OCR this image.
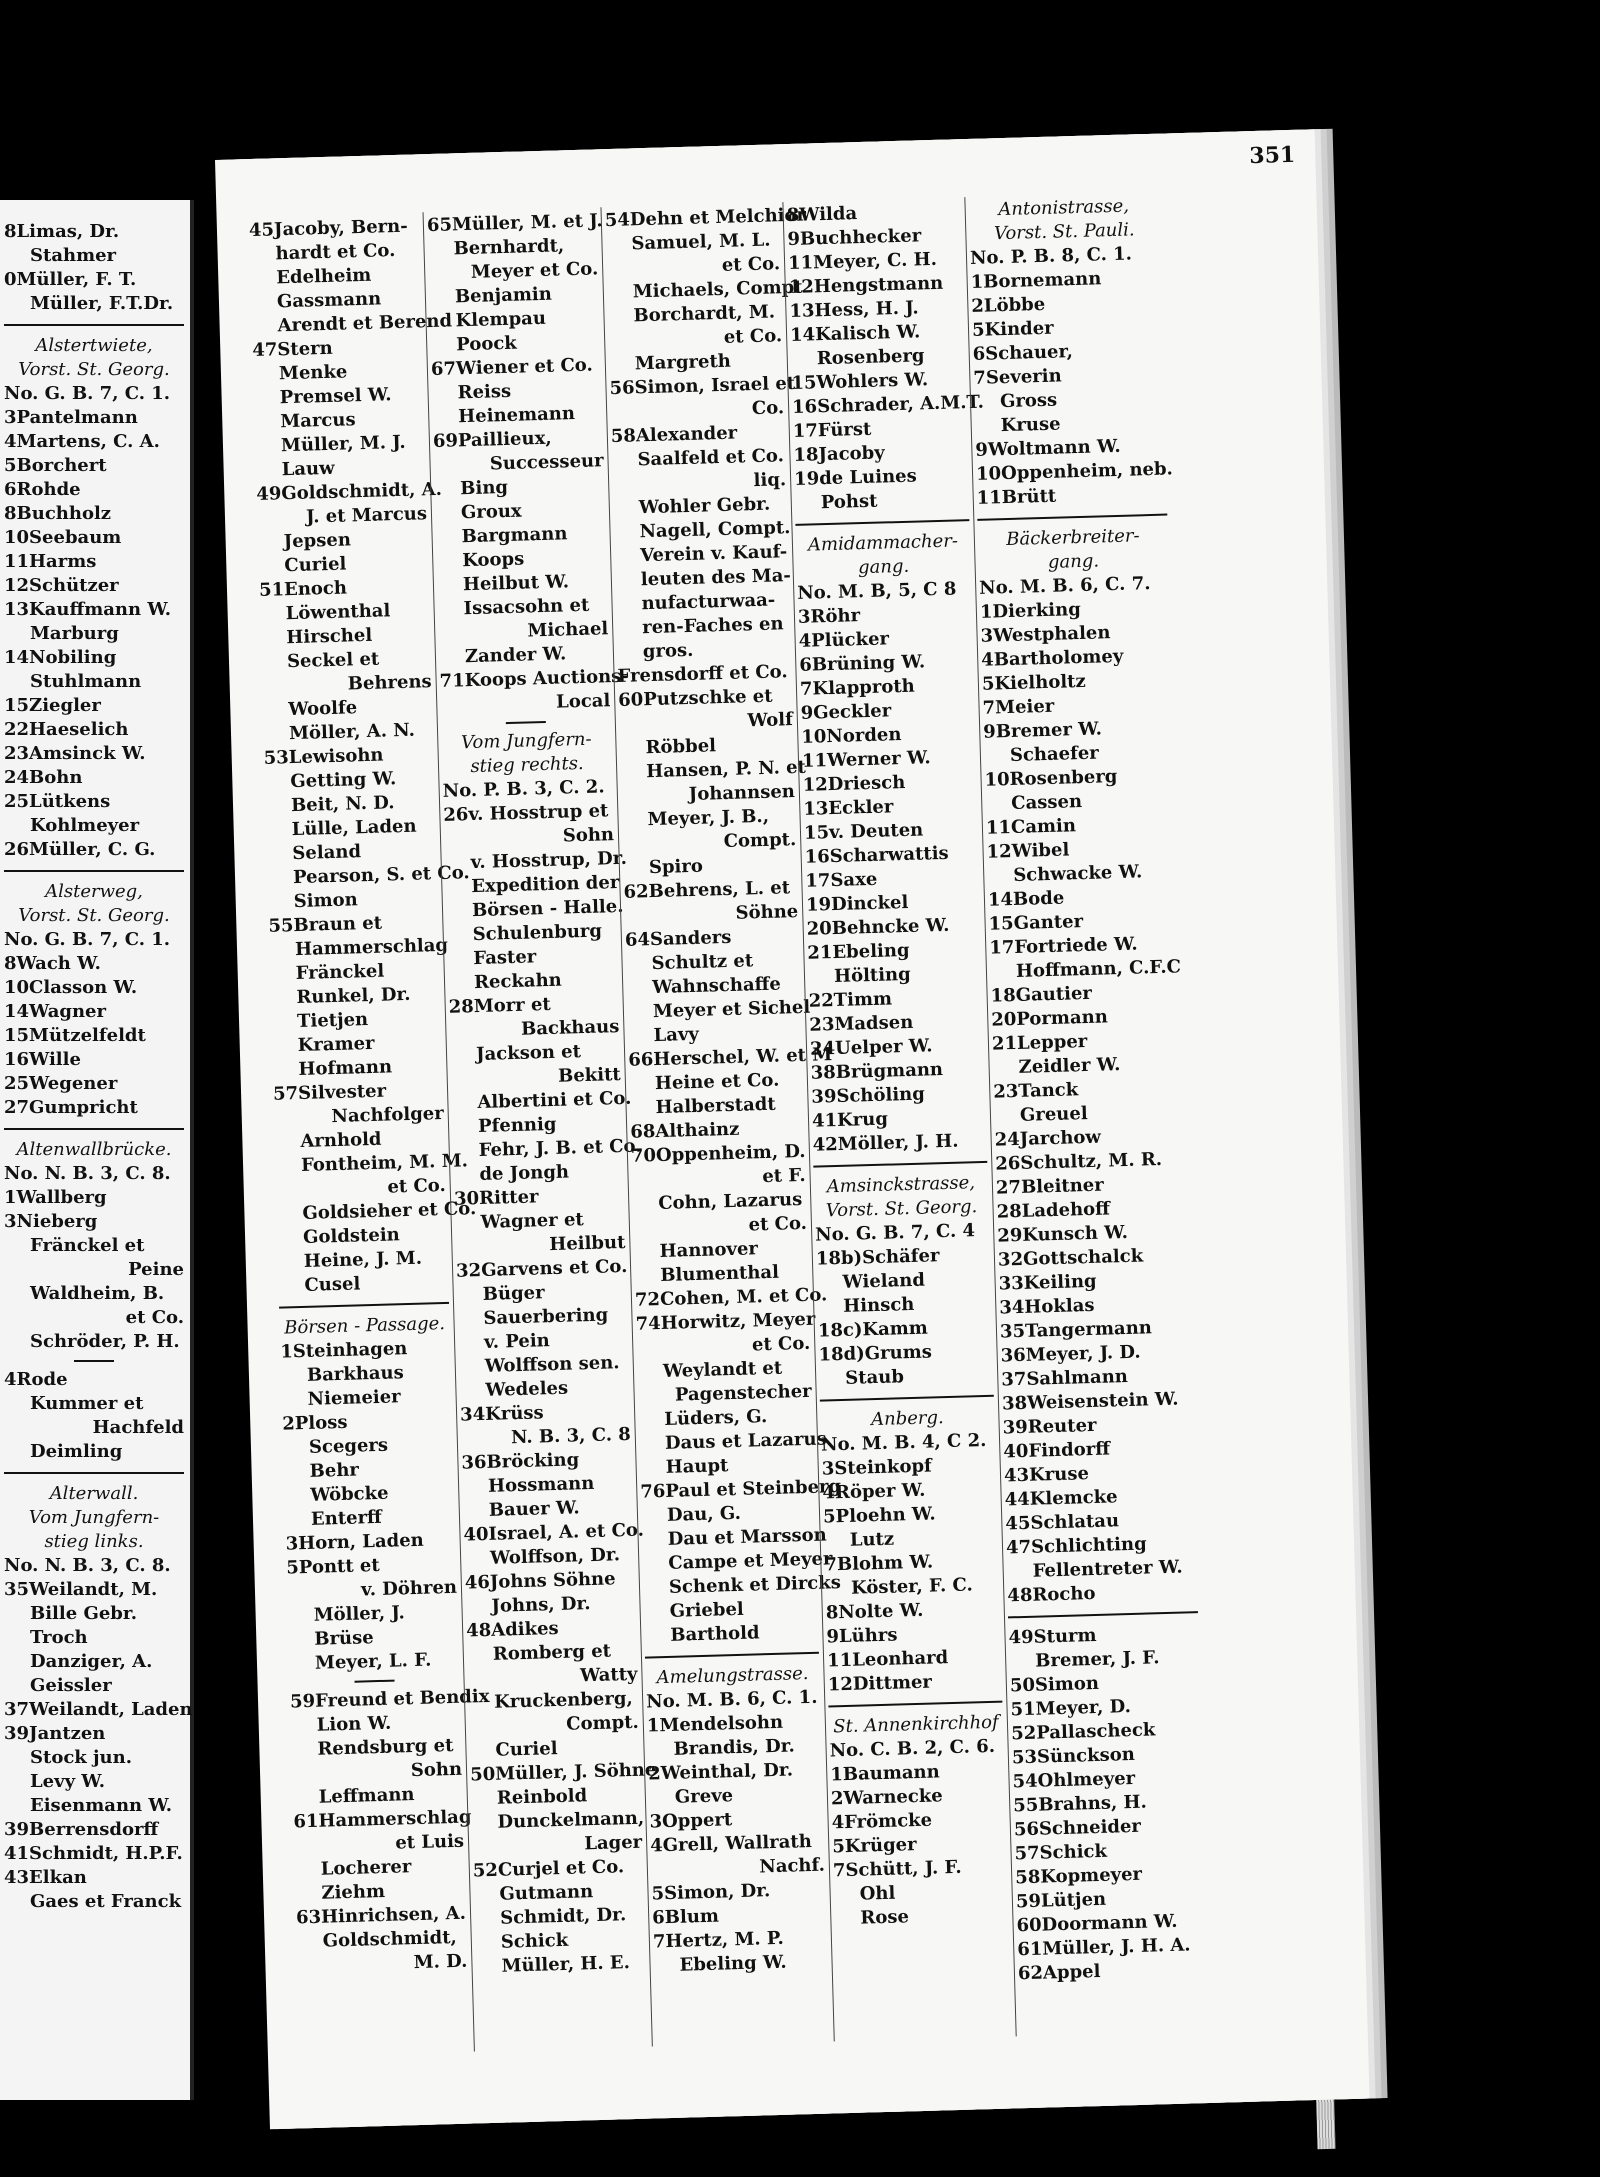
8Limas, Dr.
Stahmer
0Müller, F. T.
Müller, F.T.Dr.
Alstertwiete,
Vorst. St. Georg.
No. G. B. 7, C. 1.
3Pantelmann
4Martens, C. A.
5Borchert
6Rohde
8Buchholz
10Seebaum
11Harms
12Schützer
13Kauffmann W.
Marburg
14Nobiling
Stuhlmann
15Ziegler
22Haeselich
23Amsinck W.
24Bohn
25Lütkens
Kohlmeyer
26Müller, C. G.
Alsterweg,
Vorst. St. Georg.
No. G. B. 7, C. 1.
8Wach W.
10Classon W.
14Wagner
15Mützelfeldt
16Wille
25Wegener
27Gumpricht
Altenwallbrücke.
No. N. B. 3, C. 8.
1Wallberg
3Nieberg
Fränckel et
Peine
Waldheim, B.
et Co.
Schröder, P. H.
4Rode
Kummer et
Hachfeld
Deimling
Alterwall.
Vom Jungfern-
stieg links.
No. N. B. 3, C. 8.
35Weilandt, M.
Bille Gebr.
Troch
Danziger, A.
Geissler
37Weilandt, Laden
39Jantzen
Stock jun.
Levy W.
Eisenmann W.
39Berrensdorff
41Schmidt, H.P.F.
43Elkan
Gaes et Franck
351
45Jacoby, Bern-
hardt et Co.
Edelheim
Gassmann
Arendt et Berend
47Stern
Menke
Premsel W.
Marcus
Müller, M. J.
Lauw
49Goldschmidt, A.
J. et Marcus
Jepsen
Curiel
51Enoch
Löwenthal
Hirschel
Seckel et
Behrens
Woolfe
Möller, A. N.
53Lewisohn
Getting W.
Beit, N. D.
Lülle, Laden
Seland
Pearson, S. et Co.
Simon
55Braun et
Hammerschlag
Fränckel
Runkel, Dr.
Tietjen
Kramer
Hofmann
57Silvester
Nachfolger
Arnhold
Fontheim, M. M.
et Co.
Goldsieher et Co.
Goldstein
Heine, J. M.
Cusel
Börsen - Passage.
1Steinhagen
Barkhaus
Niemeier
2Ploss
Scegers
Behr
Wöbcke
Enterff
3Horn, Laden
5Pontt et
v. Döhren
Möller, J.
Brüse
Meyer, L. F.
59Freund et Bendix
Lion W.
Rendsburg et
Sohn
Leffmann
61Hammerschlag
et Luis
Locherer
Ziehm
63Hinrichsen, A.
Goldschmidt,
M. D.
65Müller, M. et J.
Bernhardt,
Meyer et Co.
Benjamin
Klempau
Poock
67Wiener et Co.
Reiss
Heinemann
69Paillieux,
Successeur
Bing
Groux
Bargmann
Koops
Heilbut W.
Issacsohn et
Michael
Zander W.
71Koops Auctions-
Local
Vom Jungfern-
stieg rechts.
No. P. B. 3, C. 2.
26v. Hosstrup et
Sohn
v. Hosstrup, Dr.
Expedition der
Börsen - Halle.
Schulenburg
Faster
Reckahn
28Morr et
Backhaus
Jackson et
Bekitt
Albertini et Co.
Pfennig
Fehr, J. B. et Co.
de Jongh
30Ritter
Wagner et
Heilbut
32Garvens et Co.
Büger
Sauerbering
v. Pein
Wolffson sen.
Wedeles
34Krüss
N. B. 3, C. 8
36Bröcking
Hossmann
Bauer W.
40Israel, A. et Co.
Wolffson, Dr.
46Johns Söhne
Johns, Dr.
48Adikes
Romberg et
Watty
Kruckenberg,
Compt.
Curiel
50Müller, J. Söhne
Reinbold
Dunckelmann,
Lager
52Curjel et Co.
Gutmann
Schmidt, Dr.
Schick
Müller, H. E.
54Dehn et Melchior
Samuel, M. L.
et Co.
Michaels, Compt
Borchardt, M.
et Co.
Margreth
56Simon, Israel et
Co.
58Alexander
Saalfeld et Co.
liq.
Wohler Gebr.
Nagell, Compt.
Verein v. Kauf-
leuten des Ma-
nufacturwaa-
ren-Faches en
gros.
Frensdorff et Co.
60Putzschke et
Wolf
Röbbel
Hansen, P. N. et
Johannsen
Meyer, J. B.,
Compt.
Spiro
62Behrens, L. et
Söhne
64Sanders
Schultz et
Wahnschaffe
Meyer et Sichel
Lavy
66Herschel, W. et M
Heine et Co.
Halberstadt
68Althainz
70Oppenheim, D.
et F.
Cohn, Lazarus
et Co.
Hannover
Blumenthal
72Cohen, M. et Co.
74Horwitz, Meyer
et Co.
Weylandt et
Pagenstecher
Lüders, G.
Daus et Lazarus
Haupt
76Paul et Steinberg
Dau, G.
Dau et Marsson
Campe et Meyer
Schenk et Dircks
Griebel
Barthold
Amelungstrasse.
No. M. B. 6, C. 1.
1Mendelsohn
Brandis, Dr.
2Weinthal, Dr.
Greve
3Oppert
4Grell, Wallrath
Nachf.
5Simon, Dr.
6Blum
7Hertz, M. P.
Ebeling W.
8Wilda
9Buchhecker
11Meyer, C. H.
12Hengstmann
13Hess, H. J.
14Kalisch W.
Rosenberg
15Wohlers W.
16Schrader, A.M.T.
17Fürst
18Jacoby
19de Luines
Pohst
Amidammacher-
gang.
No. M. B, 5, C 8
3Röhr
4Plücker
6Brüning W.
7Klapproth
9Geckler
10Norden
11Werner W.
12Driesch
13Eckler
15v. Deuten
16Scharwattis
17Saxe
19Dinckel
20Behncke W.
21Ebeling
Hölting
22Timm
23Madsen
24Uelper W.
38Brügmann
39Schöling
41Krug
42Möller, J. H.
Amsinckstrasse,
Vorst. St. Georg.
No. G. B. 7, C. 4
18b)Schäfer
Wieland
Hinsch
18c)Kamm
18d)Grums
Staub
Anberg.
No. M. B. 4, C 2.
3Steinkopf
4Röper W.
5Ploehn W.
Lutz
7Blohm W.
Köster, F. C.
8Nolte W.
9Lührs
11Leonhard
12Dittmer
St. Annenkirchhof
No. C. B. 2, C. 6.
1Baumann
2Warnecke
4Frömcke
5Krüger
7Schütt, J. F.
Ohl
Rose
Antonistrasse,
Vorst. St. Pauli.
No. P. B. 8, C. 1.
1Bornemann
2Löbbe
5Kinder
6Schauer,
7Severin
Gross
Kruse
9Woltmann W.
10Oppenheim, neb.
11Brütt
Bäckerbreiter-
gang.
No. M. B. 6, C. 7.
1Dierking
3Westphalen
4Bartholomey
5Kielholtz
7Meier
9Bremer W.
Schaefer
10Rosenberg
Cassen
11Camin
12Wibel
Schwacke W.
14Bode
15Ganter
17Fortriede W.
Hoffmann, C.F.C
18Gautier
20Pormann
21Lepper
Zeidler W.
23Tanck
Greuel
24Jarchow
26Schultz, M. R.
27Bleitner
28Ladehoff
29Kunsch W.
32Gottschalck
33Keiling
34Hoklas
35Tangermann
36Meyer, J. D.
37Sahlmann
38Weisenstein W.
39Reuter
40Findorff
43Kruse
44Klemcke
45Schlatau
47Schlichting
Fellentreter W.
48Rocho
49Sturm
Bremer, J. F.
50Simon
51Meyer, D.
52Pallascheck
53Sünckson
54Ohlmeyer
55Brahns, H.
56Schneider
57Schick
58Kopmeyer
59Lütjen
60Doormann W.
61Müller, J. H. A.
62Appel
